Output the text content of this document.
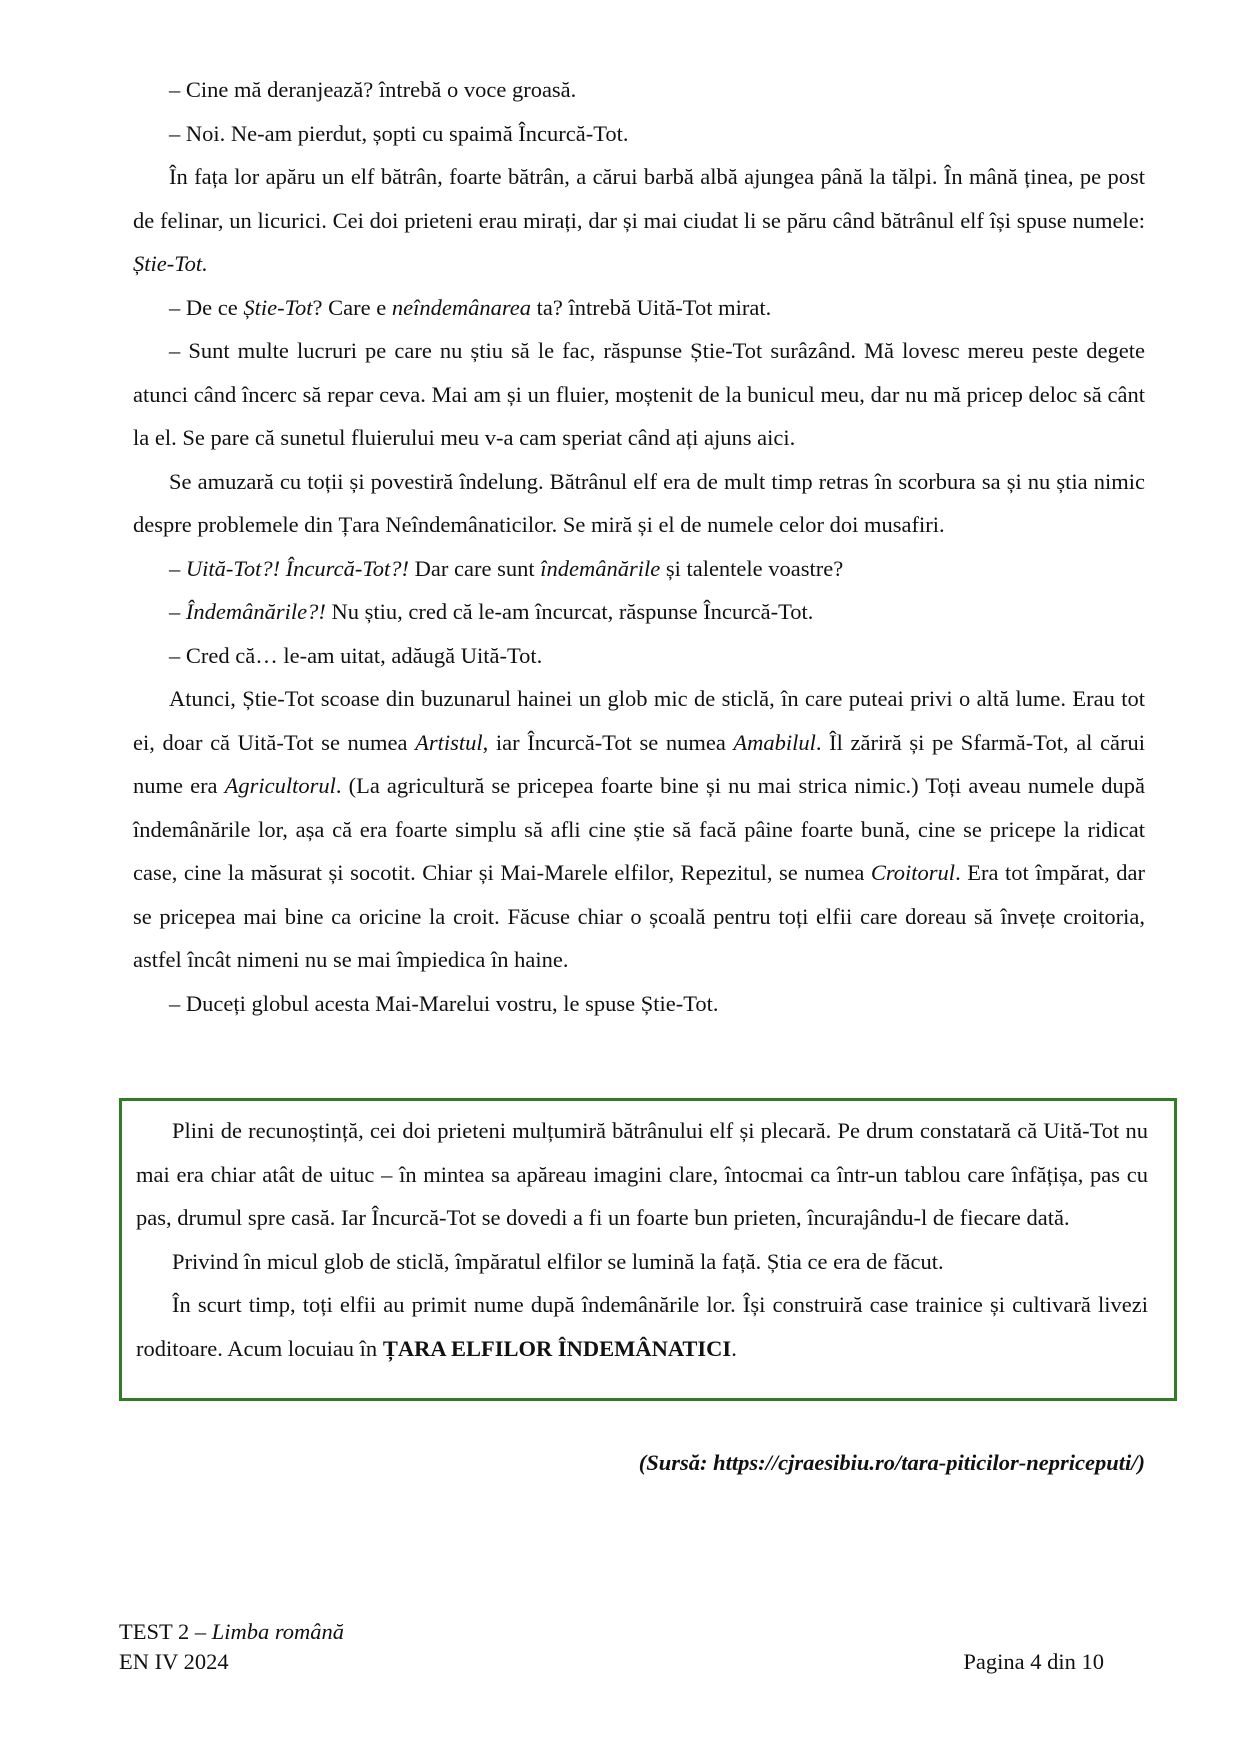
– Cine mă deranjează? întrebă o voce groasă.

– Noi. Ne-am pierdut, șopti cu spaimă Încurcă-Tot.

În fața lor apăru un elf bătrân, foarte bătrân, a cărui barbă albă ajungea până la tălpi. În mână ținea, pe post de felinar, un licurici. Cei doi prieteni erau mirați, dar și mai ciudat li se păru când bătrânul elf își spuse numele: Știe-Tot.

– De ce Știe-Tot? Care e neîndemânarea ta? întrebă Uită-Tot mirat.

– Sunt multe lucruri pe care nu știu să le fac, răspunse Știe-Tot surâzând. Mă lovesc mereu peste degete atunci când încerc să repar ceva. Mai am și un fluier, moștenit de la bunicul meu, dar nu mă pricep deloc să cânt la el. Se pare că sunetul fluierului meu v-a cam speriat când ați ajuns aici.

Se amuzară cu toții și povestiră îndelung. Bătrânul elf era de mult timp retras în scorbura sa și nu știa nimic despre problemele din Țara Neîndemânaticilor. Se miră și el de numele celor doi musafiri.

– Uită-Tot?! Încurcă-Tot?! Dar care sunt îndemânările și talentele voastre?

– Îndemânările?! Nu știu, cred că le-am încurcat, răspunse Încurcă-Tot.

– Cred că… le-am uitat, adăugă Uită-Tot.

Atunci, Știe-Tot scoase din buzunarul hainei un glob mic de sticlă, în care puteai privi o altă lume. Erau tot ei, doar că Uită-Tot se numea Artistul, iar Încurcă-Tot se numea Amabilul. Îl zăriră și pe Sfarmă-Tot, al cărui nume era Agricultorul. (La agricultură se pricepea foarte bine și nu mai strica nimic.) Toți aveau numele după îndemânările lor, așa că era foarte simplu să afli cine știe să facă pâine foarte bună, cine se pricepe la ridicat case, cine la măsurat și socotit. Chiar și Mai-Marele elfilor, Repezitul, se numea Croitorul. Era tot împărat, dar se pricepea mai bine ca oricine la croit. Făcuse chiar o școală pentru toți elfii care doreau să învețe croitoria, astfel încât nimeni nu se mai împiedica în haine.

– Duceți globul acesta Mai-Marelui vostru, le spuse Știe-Tot.

Plini de recunoștință, cei doi prieteni mulțumiră bătrânului elf și plecară. Pe drum constatară că Uită-Tot nu mai era chiar atât de uituc – în mintea sa apăreau imagini clare, întocmai ca într-un tablou care înfățișa, pas cu pas, drumul spre casă. Iar Încurcă-Tot se dovedi a fi un foarte bun prieten, încurajându-l de fiecare dată.

Privind în micul glob de sticlă, împăratul elfilor se lumină la față. Știa ce era de făcut.

În scurt timp, toți elfii au primit nume după îndemânările lor. Își construiră case trainice și cultivară livezi roditoare. Acum locuiau în ȚARA ELFILOR ÎNDEMÂNATICI.

(Sursă: https://cjraesibiu.ro/tara-piticilor-nepriceputi/)
TEST 2 – Limba română
EN IV 2024	Pagina 4 din 10
